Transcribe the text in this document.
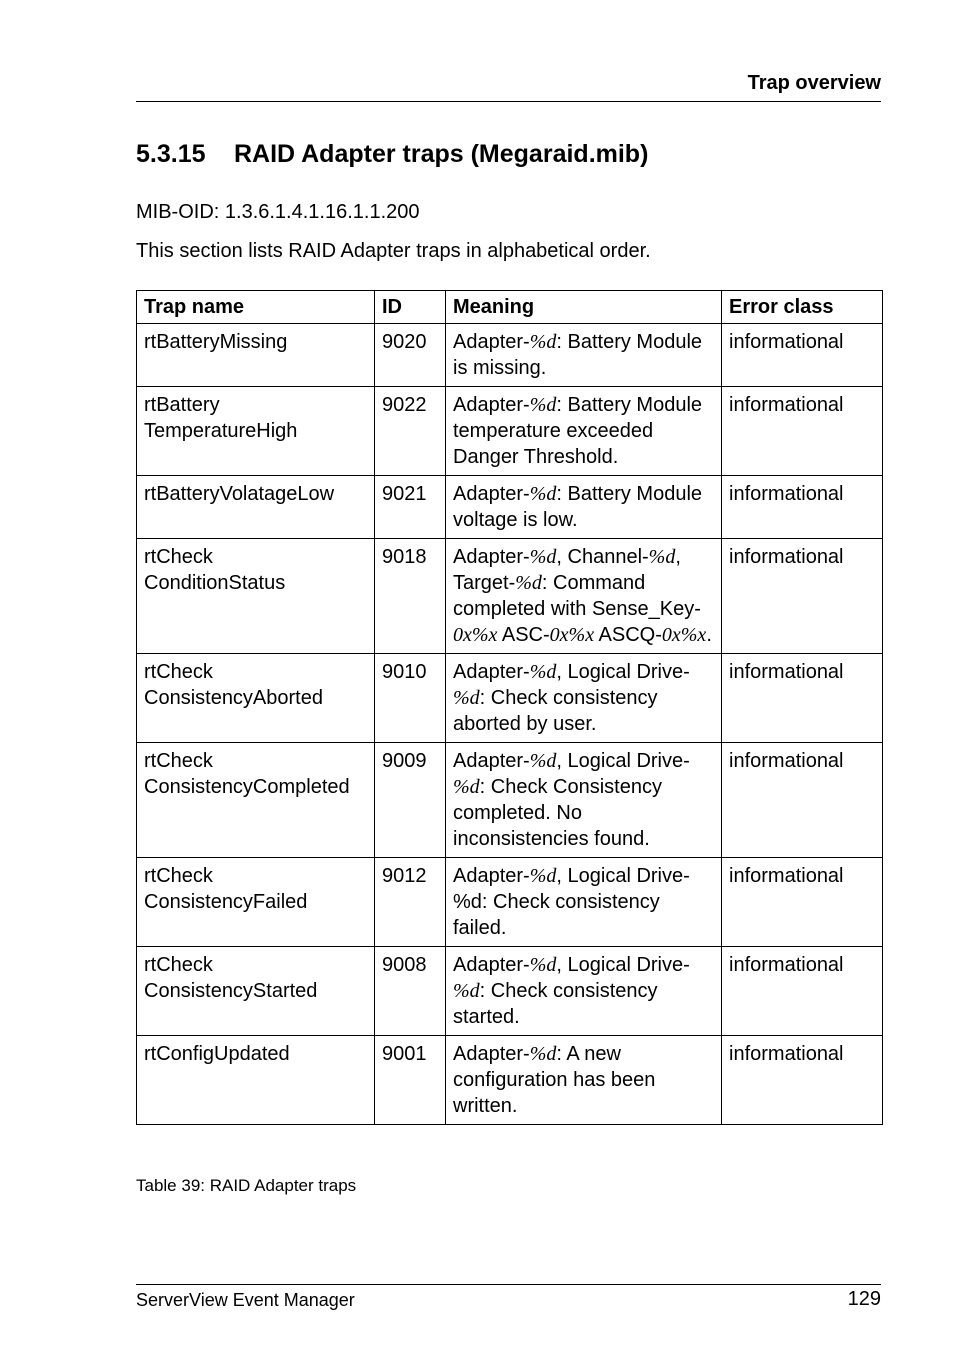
Trap overview
5.3.15 RAID Adapter traps (Megaraid.mib)
MIB-OID: 1.3.6.1.4.1.16.1.1.200
This section lists RAID Adapter traps in alphabetical order.
Trap name	ID	Meaning	Error class
rtBatteryMissing	9020	Adapter-%d: Battery Module is missing.	informational
rtBattery
TemperatureHigh	9022	Adapter-%d: Battery Module temperature exceeded Danger Threshold.	informational
rtBatteryVolatageLow	9021	Adapter-%d: Battery Module voltage is low.	informational
rtCheck
ConditionStatus	9018	Adapter-%d, Channel-%d, Target-%d: Command completed with Sense_Key-0x%x ASC-0x%x ASCQ-0x%x.	informational
rtCheck
ConsistencyAborted	9010	Adapter-%d, Logical Drive-%d: Check consistency aborted by user.	informational
rtCheck
ConsistencyCompleted	9009	Adapter-%d, Logical Drive-%d: Check Consistency completed. No inconsistencies found.	informational
rtCheck
ConsistencyFailed	9012	Adapter-%d, Logical Drive-%d: Check consistency failed.	informational
rtCheck
ConsistencyStarted	9008	Adapter-%d, Logical Drive-%d: Check consistency started.	informational
rtConfigUpdated	9001	Adapter-%d: A new configuration has been written.	informational
Table 39: RAID Adapter traps
ServerView Event Manager	129
